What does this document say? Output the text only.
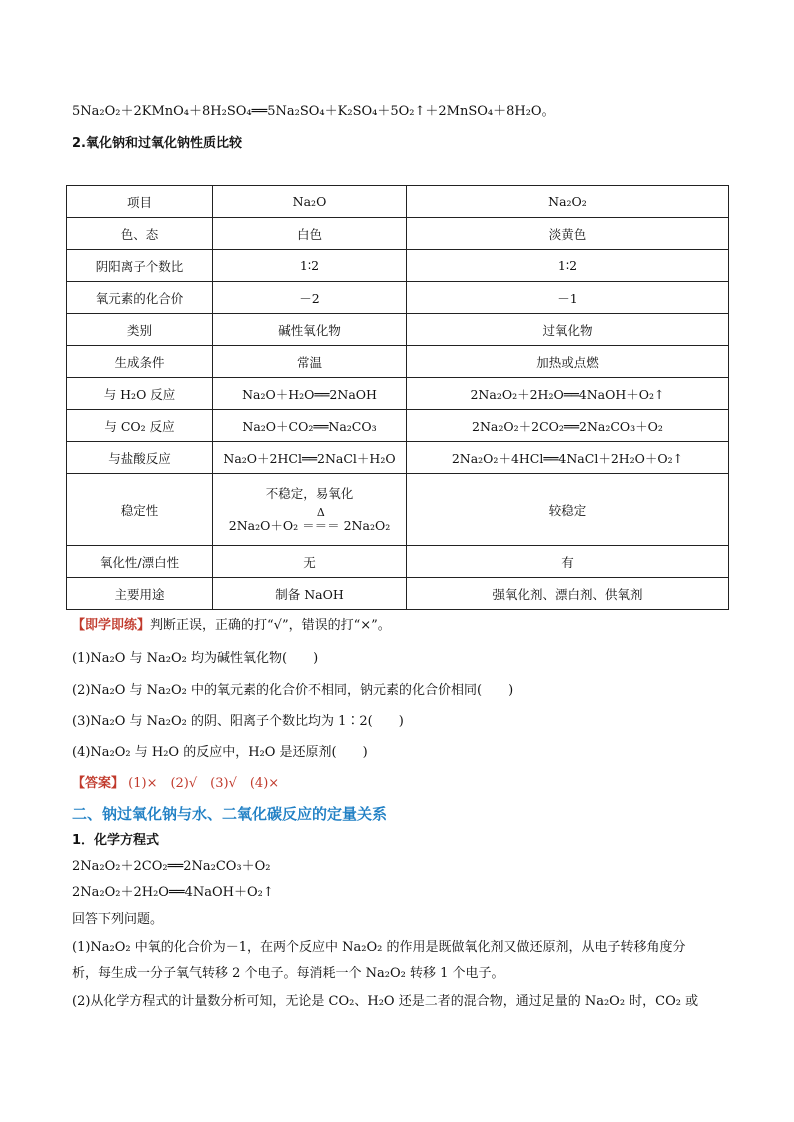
5Na₂O₂＋2KMnO₄＋8H₂SO₄══5Na₂SO₄＋K₂SO₄＋5O₂↑＋2MnSO₄＋8H₂O。
2.氧化钠和过氧化钠性质比较
项目	Na₂O	Na₂O₂
色、态	白色	淡黄色
阴阳离子个数比	1∶2	1∶2
氧元素的化合价	－2	－1
类别	碱性氧化物	过氧化物
生成条件	常温	加热或点燃
与 H₂O 反应	Na₂O＋H₂O══2NaOH	2Na₂O₂＋2H₂O══4NaOH＋O₂↑
与 CO₂ 反应	Na₂O＋CO₂══Na₂CO₃	2Na₂O₂＋2CO₂══2Na₂CO₃＋O₂
与盐酸反应	Na₂O＋2HCl══2NaCl＋H₂O	2Na₂O₂＋4HCl══4NaCl＋2H₂O＋O₂↑
稳定性	不稳定，易氧化
2Na₂O＋O₂
Δ
＝＝＝ 2Na₂O₂	较稳定
氧化性/漂白性	无	有
主要用途	制备 NaOH	强氧化剂、漂白剂、供氧剂
【即学即练】判断正误，正确的打“√”，错误的打“×”。
(1)Na₂O 与 Na₂O₂ 均为碱性氧化物(　　)
(2)Na₂O 与 Na₂O₂ 中的氧元素的化合价不相同，钠元素的化合价相同(　　)
(3)Na₂O 与 Na₂O₂ 的阴、阳离子个数比均为 1∶2(　　)
(4)Na₂O₂ 与 H₂O 的反应中，H₂O 是还原剂(　　)
【答案】 (1)×　(2)√　(3)√　(4)×
二、钠过氧化钠与水、二氧化碳反应的定量关系
1．化学方程式
2Na₂O₂＋2CO₂══2Na₂CO₃＋O₂
2Na₂O₂＋2H₂O══4NaOH＋O₂↑
回答下列问题。
(1)Na₂O₂ 中氧的化合价为－1，在两个反应中 Na₂O₂ 的作用是既做氧化剂又做还原剂，从电子转移角度分
析，每生成一分子氧气转移 2 个电子。每消耗一个 Na₂O₂ 转移 1 个电子。
(2)从化学方程式的计量数分析可知，无论是 CO₂、H₂O 还是二者的混合物，通过足量的 Na₂O₂ 时，CO₂ 或
